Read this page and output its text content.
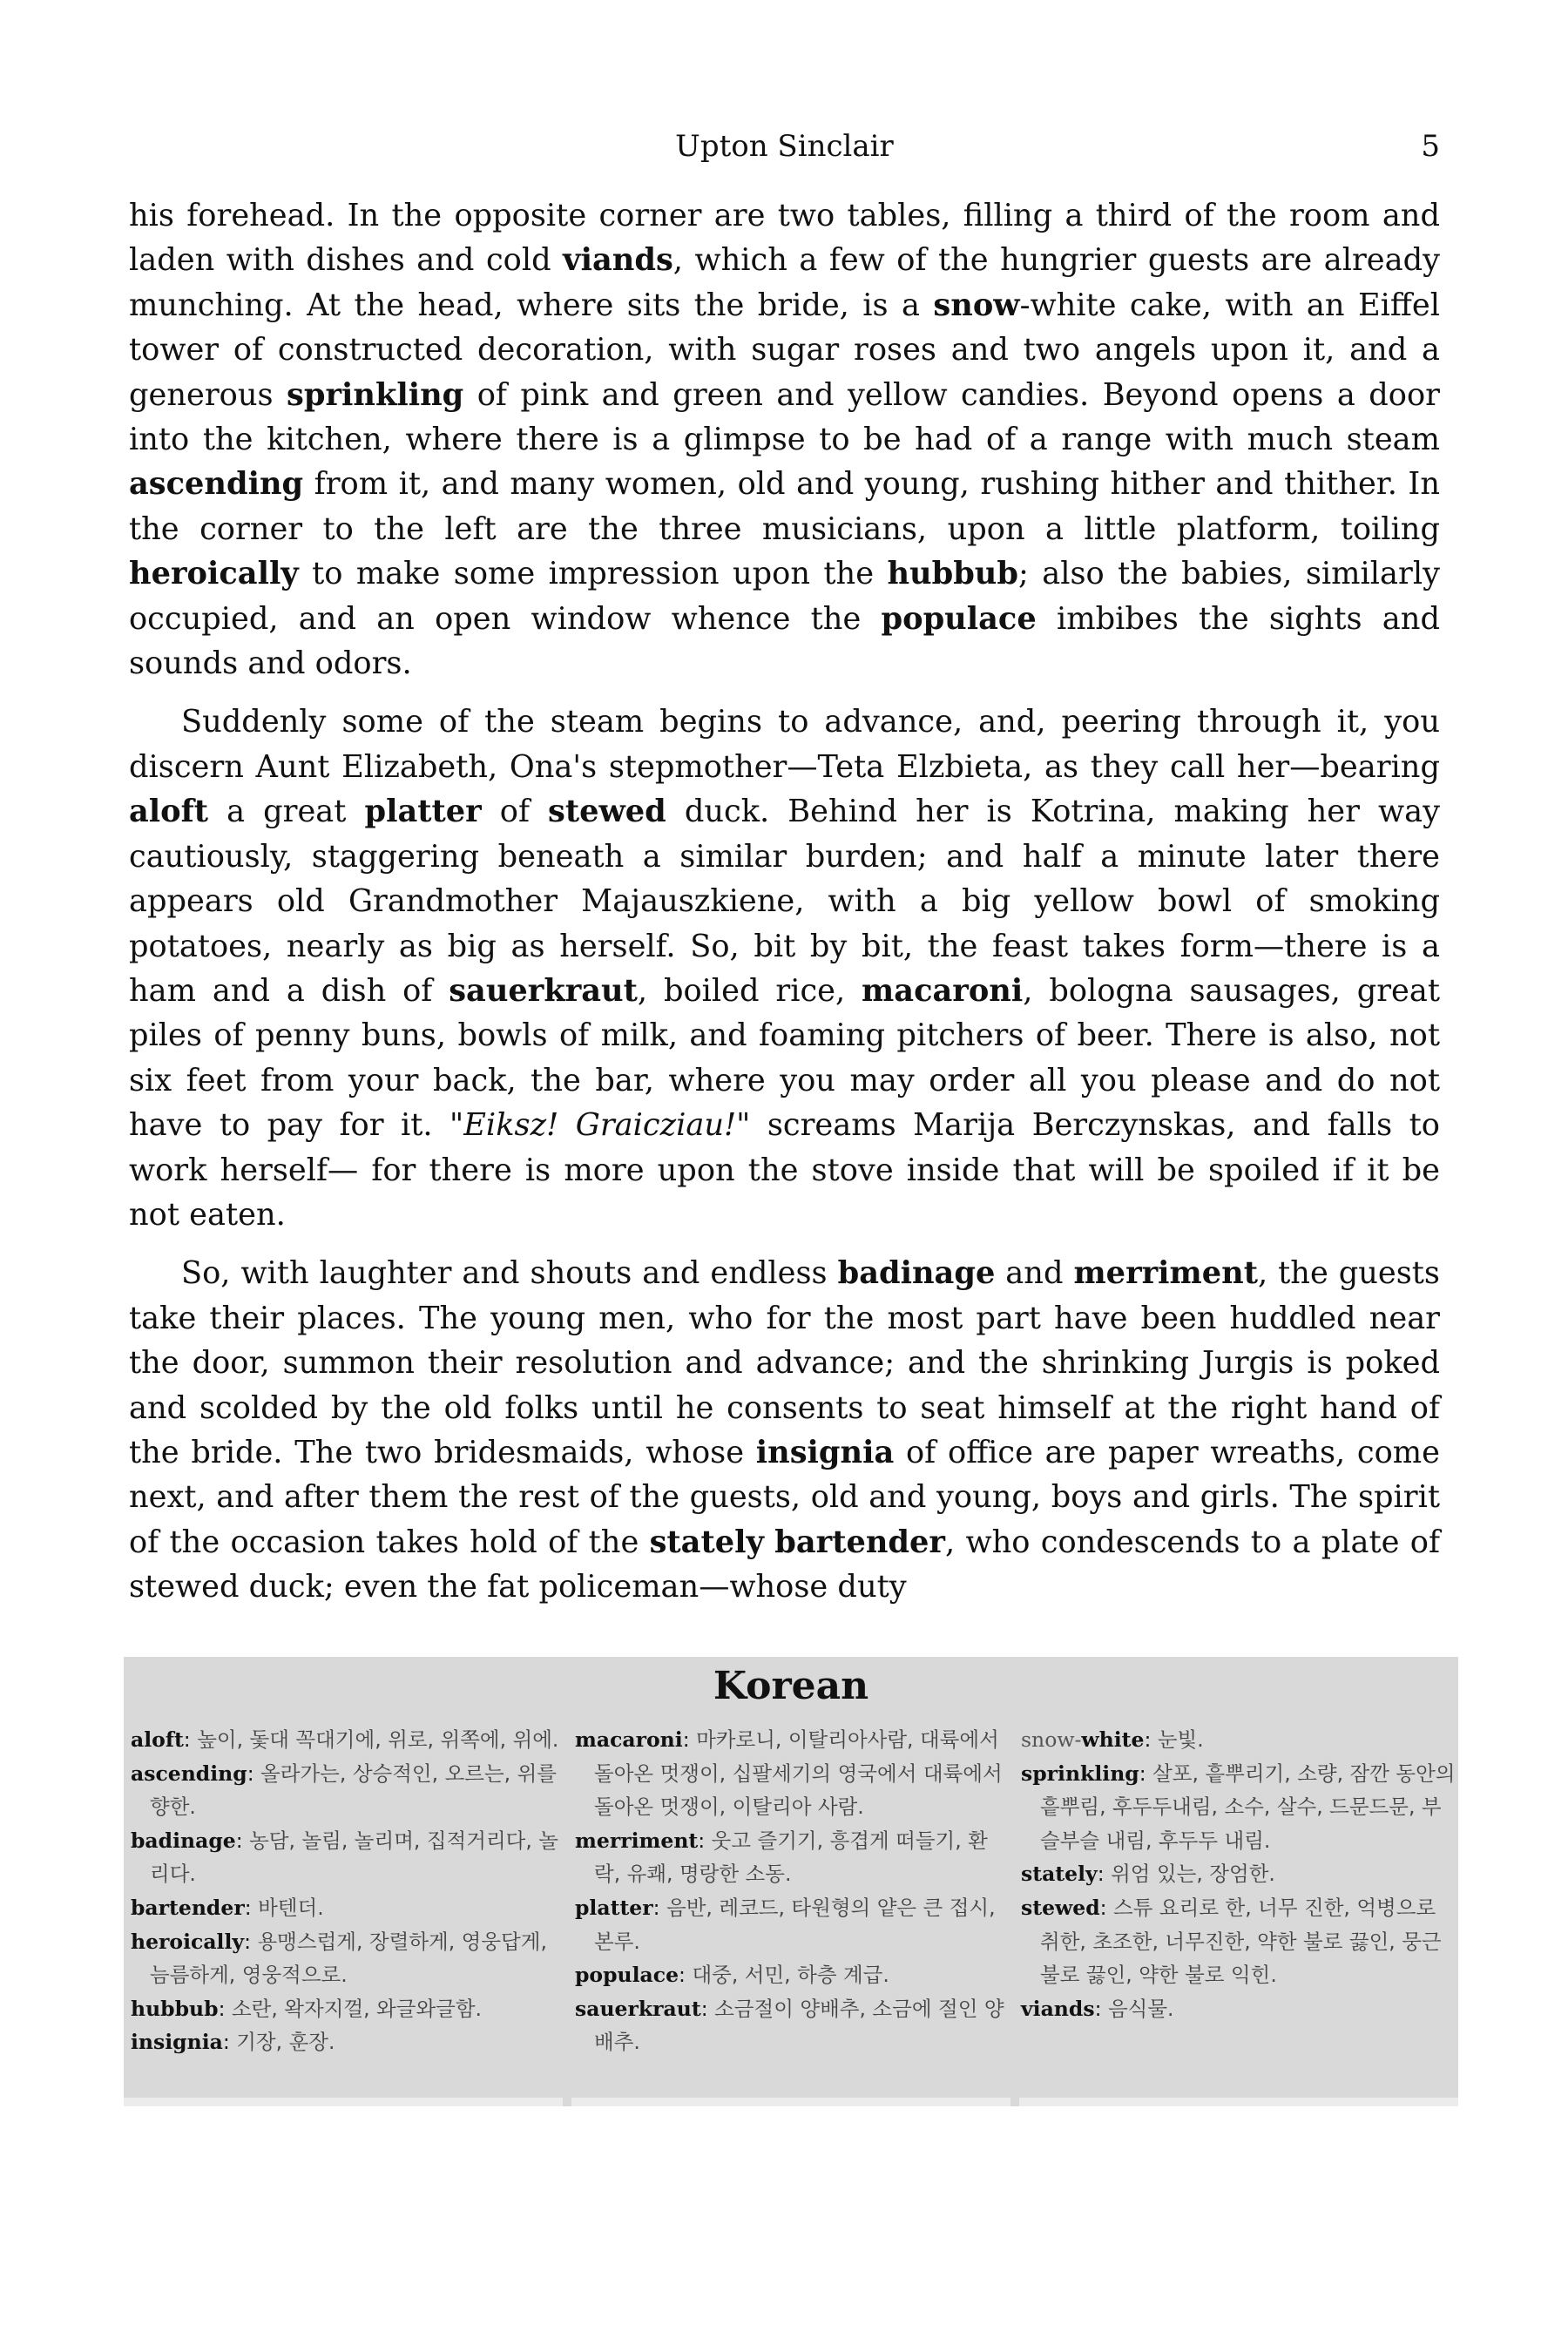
Upton Sinclair	5

his forehead. In the opposite corner are two tables, filling a third of the room and laden with dishes and cold viands, which a few of the hungrier guests are already munching. At the head, where sits the bride, is a snow-white cake, with an Eiffel tower of constructed decoration, with sugar roses and two angels upon it, and a generous sprinkling of pink and green and yellow candies. Beyond opens a door into the kitchen, where there is a glimpse to be had of a range with much steam ascending from it, and many women, old and young, rushing hither and thither. In the corner to the left are the three musicians, upon a little platform, toiling heroically to make some impression upon the hubbub; also the babies, similarly occupied, and an open window whence the populace imbibes the sights and sounds and odors.

Suddenly some of the steam begins to advance, and, peering through it, you discern Aunt Elizabeth, Ona's stepmother—Teta Elzbieta, as they call her—bearing aloft a great platter of stewed duck. Behind her is Kotrina, making her way cautiously, staggering beneath a similar burden; and half a minute later there appears old Grandmother Majauszkiene, with a big yellow bowl of smoking potatoes, nearly as big as herself. So, bit by bit, the feast takes form—there is a ham and a dish of sauerkraut, boiled rice, macaroni, bologna sausages, great piles of penny buns, bowls of milk, and foaming pitchers of beer. There is also, not six feet from your back, the bar, where you may order all you please and do not have to pay for it. "Eiksz! Graicziau!" screams Marija Berczynskas, and falls to work herself— for there is more upon the stove inside that will be spoiled if it be not eaten.

So, with laughter and shouts and endless badinage and merriment, the guests take their places. The young men, who for the most part have been huddled near the door, summon their resolution and advance; and the shrinking Jurgis is poked and scolded by the old folks until he consents to seat himself at the right hand of the bride. The two bridesmaids, whose insignia of office are paper wreaths, come next, and after them the rest of the guests, old and young, boys and girls. The spirit of the occasion takes hold of the stately bartender, who condescends to a plate of stewed duck; even the fat policeman—whose duty

Korean
aloft: 높이, 돛대 꼭대기에, 위로, 위쪽에, 위에.
ascending: 올라가는, 상승적인, 오르는, 위를 향한.
badinage: 농담, 놀림, 놀리며, 집적거리다, 놀리다.
bartender: 바텐더.
heroically: 용맹스럽게, 장렬하게, 영웅답게, 늠름하게, 영웅적으로.
hubbub: 소란, 왁자지껄, 와글와글함.
insignia: 기장, 훈장.
macaroni: 마카로니, 이탈리아사람, 대륙에서 돌아온 멋쟁이, 십팔세기의 영국에서 대륙에서 돌아온 멋쟁이, 이탈리아 사람.
merriment: 웃고 즐기기, 흥겹게 떠들기, 환락, 유쾌, 명랑한 소동.
platter: 음반, 레코드, 타원형의 얕은 큰 접시, 본루.
populace: 대중, 서민, 하층 계급.
sauerkraut: 소금절이 양배추, 소금에 절인 양배추.
snow-white: 눈빛.
sprinkling: 살포, 흩뿌리기, 소량, 잠깐 동안의 흩뿌림, 후두두내림, 소수, 살수, 드문드문, 부슬부슬 내림, 후두두 내림.
stately: 위엄 있는, 장엄한.
stewed: 스튜 요리로 한, 너무 진한, 억병으로 취한, 초조한, 너무진한, 약한 불로 끓인, 뭉근불로 끓인, 약한 불로 익힌.
viands: 음식물.
